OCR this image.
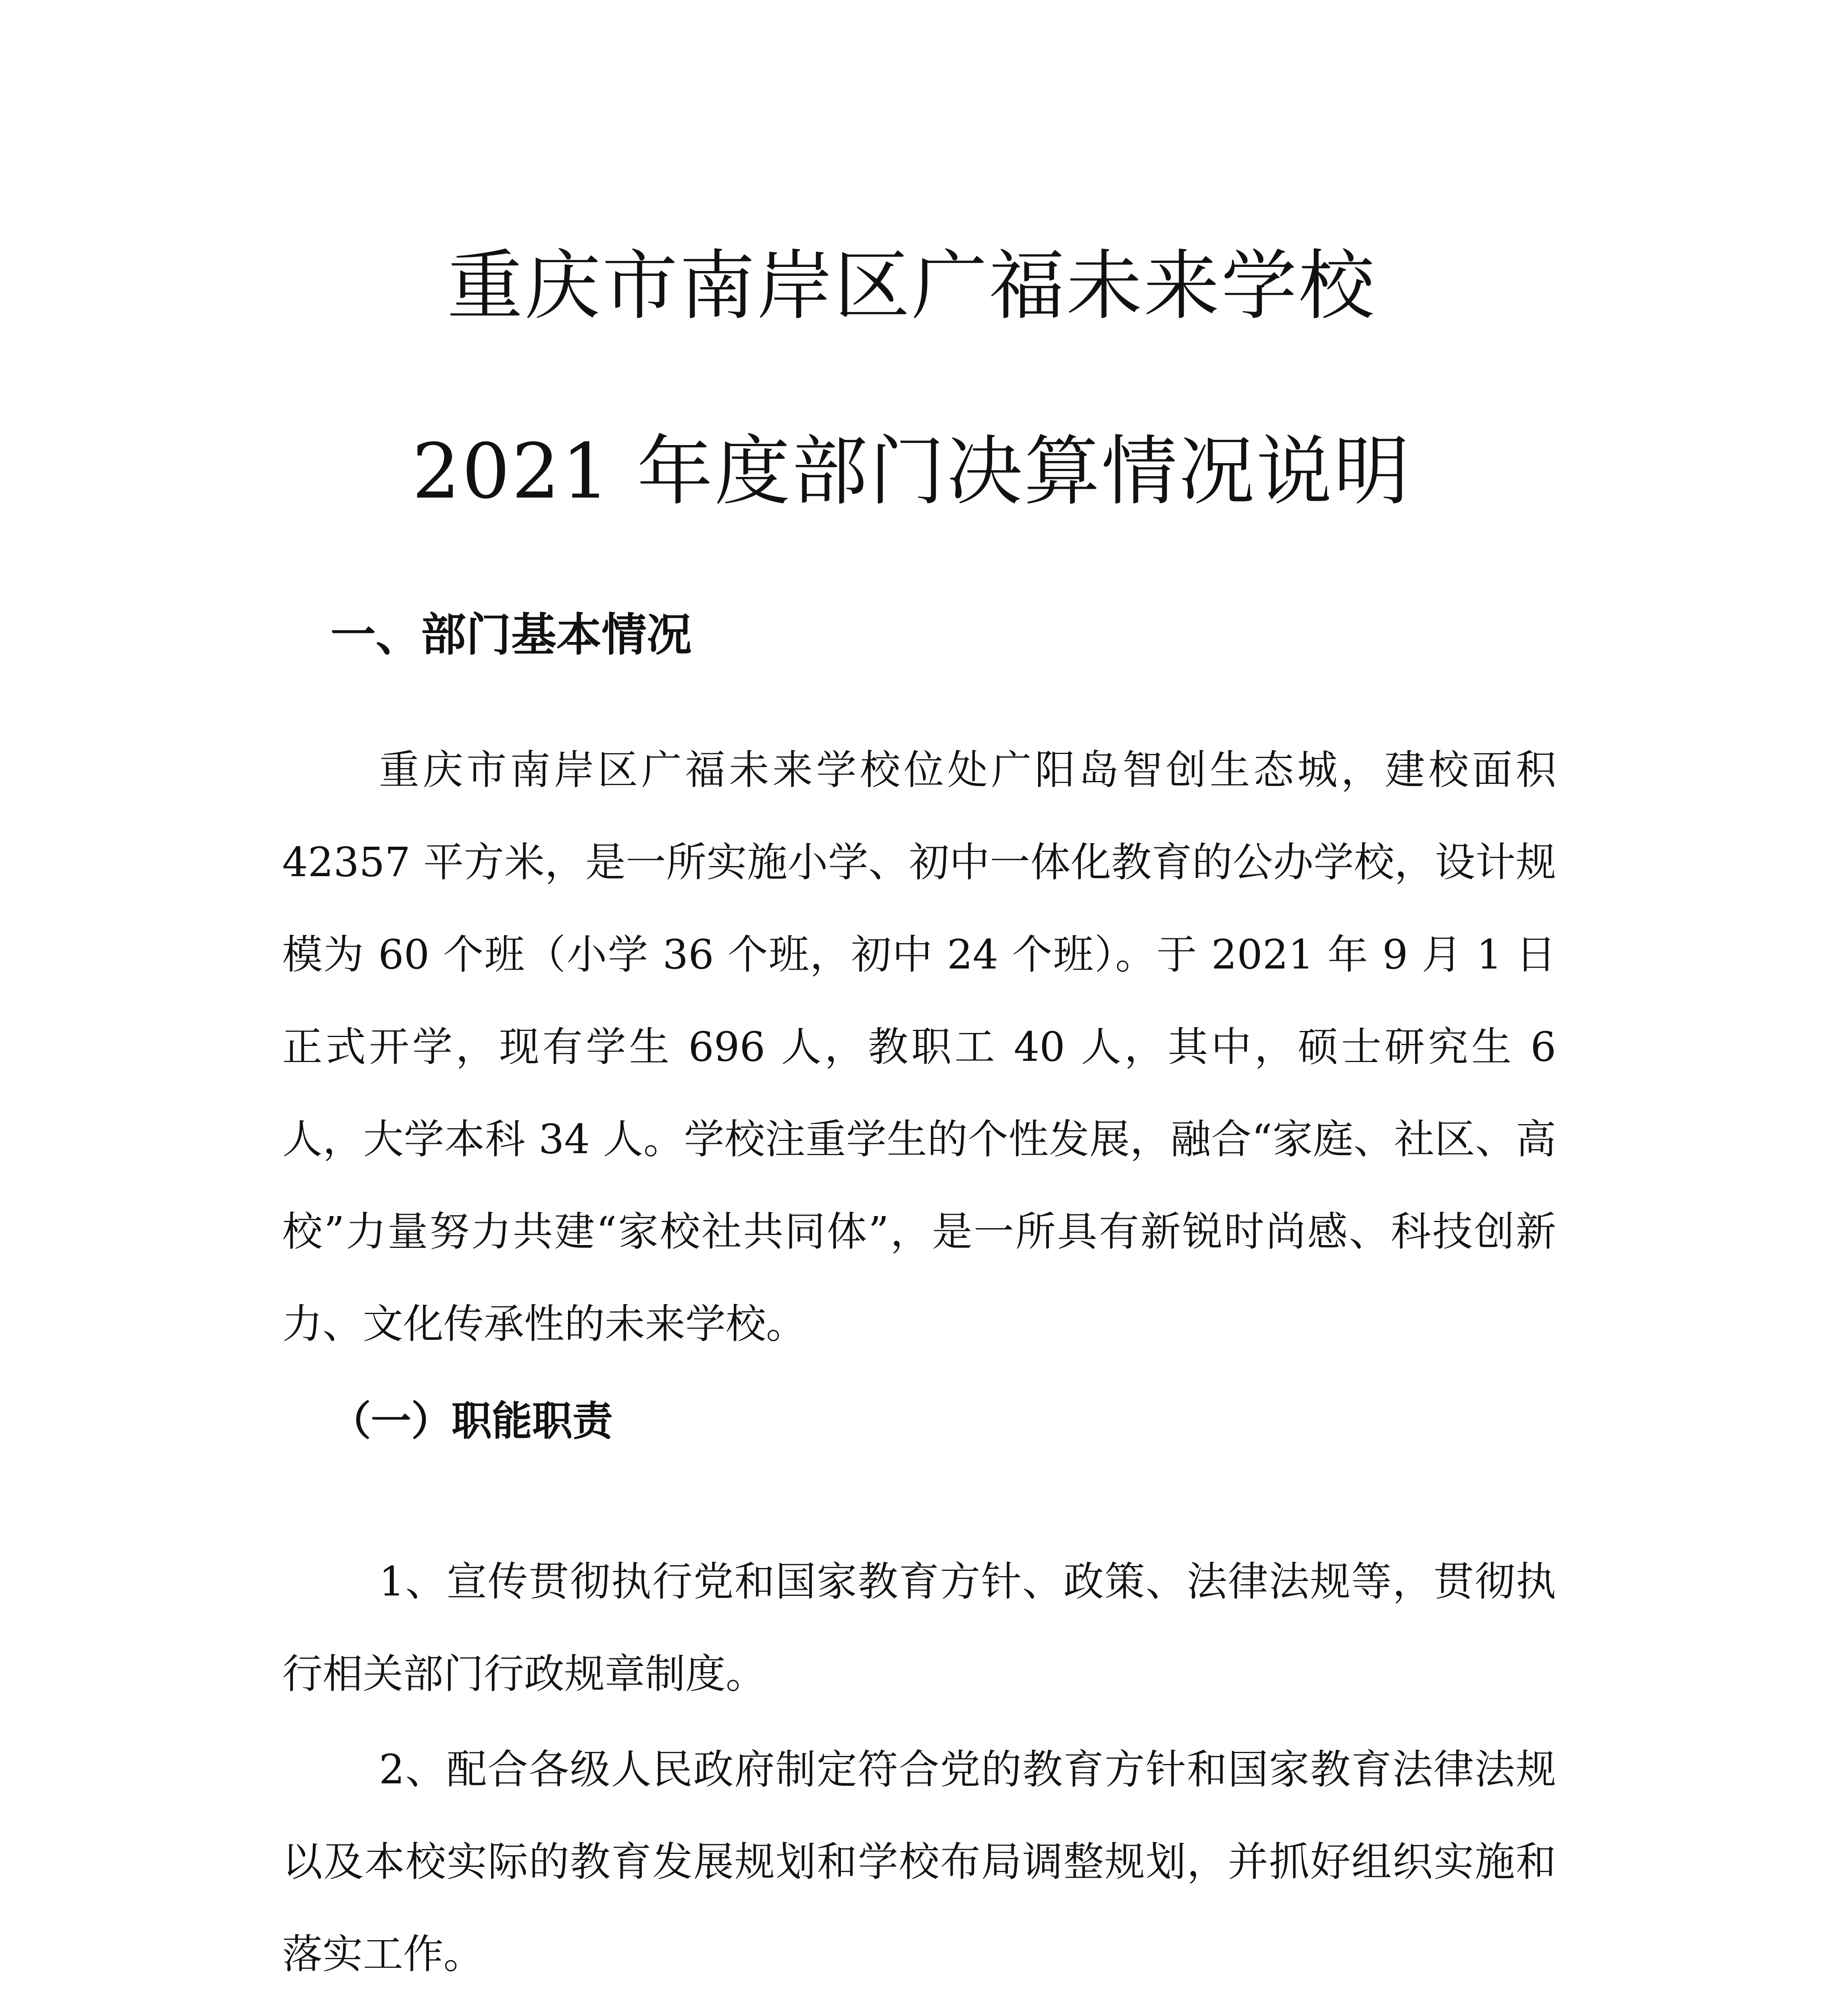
重庆市南岸区广福未来学校
2021 年度部门决算情况说明
一、部门基本情况

重庆市南岸区广福未来学校位处广阳岛智创生态城，建校面积42357 平方米，是一所实施小学、初中一体化教育的公办学校，设计规模为 60 个班（小学 36 个班，初中 24 个班）。于 2021 年 9 月 1 日正式开学，现有学生 696 人，教职工 40 人，其中，硕士研究生 6 人，大学本科 34 人。学校注重学生的个性发展，融合“家庭、社区、高校”力量努力共建“家校社共同体”，是一所具有新锐时尚感、科技创新力、文化传承性的未来学校。

（一）职能职责

1、宣传贯彻执行党和国家教育方针、政策、法律法规等，贯彻执行相关部门行政规章制度。

2、配合各级人民政府制定符合党的教育方针和国家教育法律法规以及本校实际的教育发展规划和学校布局调整规划，并抓好组织实施和落实工作。
